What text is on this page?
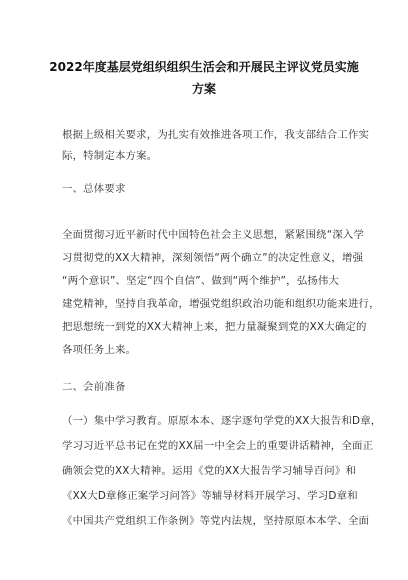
2022年度基层党组织组织生活会和开展民主评议党员实施
方案
根据上级相关要求，为扎实有效推进各项工作，我支部结合工作实
际，特制定本方案。
一、总体要求
全面贯彻习近平新时代中国特色社会主义思想，紧紧围绕“深入学
习贯彻党的XX大精神，深刻领悟“两个确立”的决定性意义，增强
“两个意识”、坚定“四个自信”、做到“两个维护”，弘扬伟大
建党精神，坚持自我革命，增强党组织政治功能和组织功能来进行，
把思想统一到党的XX大精神上来，把力量凝聚到党的XX大确定的
各项任务上来。
二、会前准备
（一）集中学习教育。原原本本、逐字逐句学党的XX大报告和D章，
学习习近平总书记在党的XX届一中全会上的重要讲话精神，全面正
确领会党的XX大精神。运用《党的XX大报告学习辅导百问》和
《XX大D章修正案学习问答》等辅导材料开展学习、学习D章和
《中国共产党组织工作条例》等党内法规，坚持原原本本学、全面
